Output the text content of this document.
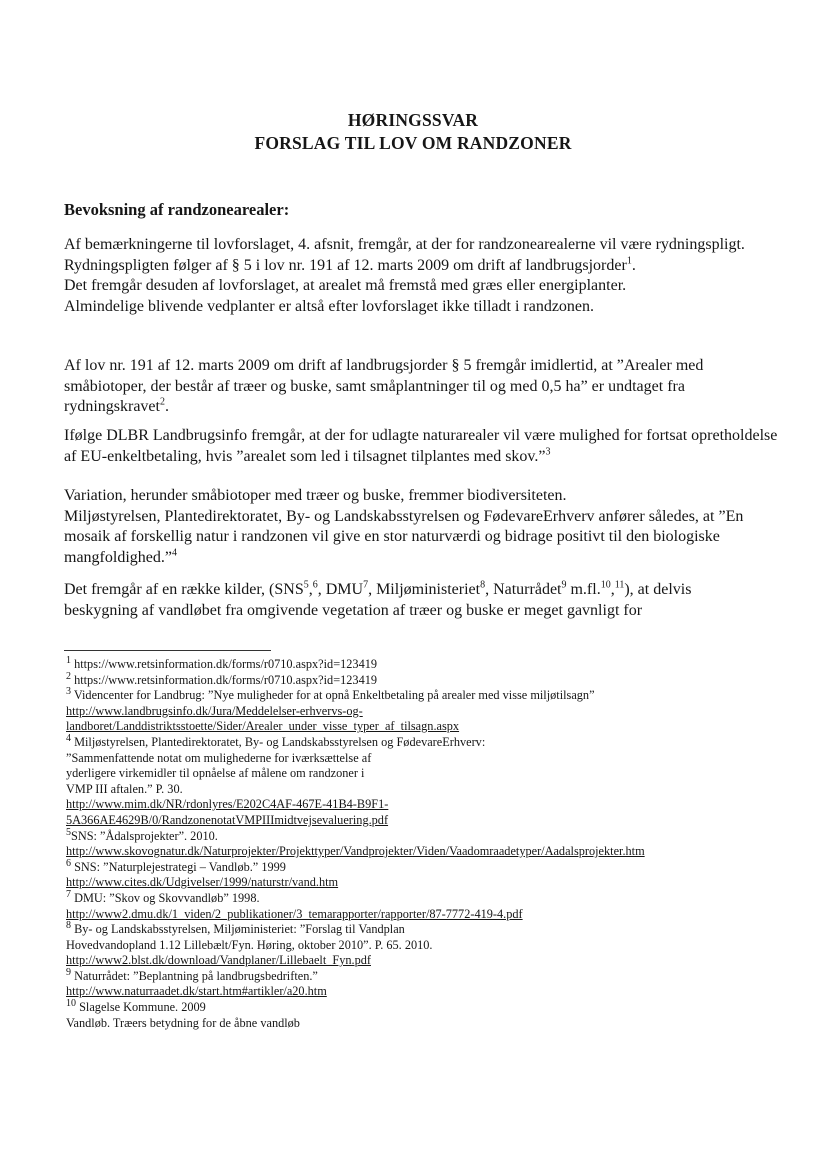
HØRINGSSVAR
FORSLAG TIL LOV OM RANDZONER
Bevoksning af randzonearealer:

Af bemærkningerne til lovforslaget, 4. afsnit, fremgår, at der for randzonearealerne vil være rydningspligt.
Rydningspligten følger af § 5 i lov nr. 191 af 12. marts 2009 om drift af landbrugsjorder$^1$.
Det fremgår desuden af lovforslaget, at arealet må fremstå med græs eller energiplanter.
Almindelige blivende vedplanter er altså efter lovforslaget ikke tilladt i randzonen.

Af lov nr. 191 af 12. marts 2009 om drift af landbrugsjorder § 5 fremgår imidlertid, at ”Arealer med småbiotoper, der består af træer og buske, samt småplantninger til og med 0,5 ha” er undtaget fra rydningskravet$^2$.

Ifølge DLBR Landbrugsinfo fremgår, at der for udlagte naturarealer vil være mulighed for fortsat opretholdelse af EU-enkeltbetaling, hvis ”arealet som led i tilsagnet tilplantes med skov.”$^3$

Variation, herunder småbiotoper med træer og buske, fremmer biodiversiteten.
Miljøstyrelsen, Plantedirektoratet, By- og Landskabsstyrelsen og FødevareErhverv anfører således, at ”En mosaik af forskellig natur i randzonen vil give en stor naturværdi og bidrage positivt til den biologiske mangfoldighed.”$^4$

Det fremgår af en række kilder, (SNS$^5$,$^6$, DMU$^7$, Miljøministeriet$^8$, Naturrådet$^9$ m.fl.$^{10}$,$^{11}$), at delvis beskygning af vandløbet fra omgivende vegetation af træer og buske er meget gavnligt for

$^1$ https://www.retsinformation.dk/forms/r0710.aspx?id=123419
$^2$ https://www.retsinformation.dk/forms/r0710.aspx?id=123419
$^3$ Videncenter for Landbrug: ”Nye muligheder for at opnå Enkeltbetaling på arealer med visse miljøtilsagn”
http://www.landbrugsinfo.dk/Jura/Meddelelser-erhvervs-og-
landboret/Landdistriktsstoette/Sider/Arealer_under_visse_typer_af_tilsagn.aspx
$^4$ Miljøstyrelsen, Plantedirektoratet, By- og Landskabsstyrelsen og FødevareErhverv:
”Sammenfattende notat om mulighederne for iværksættelse af
yderligere virkemidler til opnåelse af målene om randzoner i
VMP III aftalen.” P. 30.
http://www.mim.dk/NR/rdonlyres/E202C4AF-467E-41B4-B9F1-
5A366AE4629B/0/RandzonenotatVMPIIImidtvejsevaluering.pdf
$^5$SNS: ”Ådalsprojekter”. 2010.
http://www.skovognatur.dk/Naturprojekter/Projekttyper/Vandprojekter/Viden/Vaadomraadetyper/Aadalsprojekter.htm
$^6$ SNS: ”Naturplejestrategi – Vandløb.” 1999
http://www.cites.dk/Udgivelser/1999/naturstr/vand.htm
$^7$ DMU: ”Skov og Skovvandløb” 1998.
http://www2.dmu.dk/1_viden/2_publikationer/3_temarapporter/rapporter/87-7772-419-4.pdf
$^8$ By- og Landskabsstyrelsen, Miljøministeriet: ”Forslag til Vandplan
Hovedvandopland 1.12 Lillebælt/Fyn. Høring, oktober 2010”. P. 65. 2010.
http://www2.blst.dk/download/Vandplaner/Lillebaelt_Fyn.pdf
$^9$ Naturrådet: ”Beplantning på landbrugsbedriften.”
http://www.naturraadet.dk/start.htm#artikler/a20.htm
$^{10}$ Slagelse Kommune. 2009
Vandløb. Træers betydning for de åbne vandløb
